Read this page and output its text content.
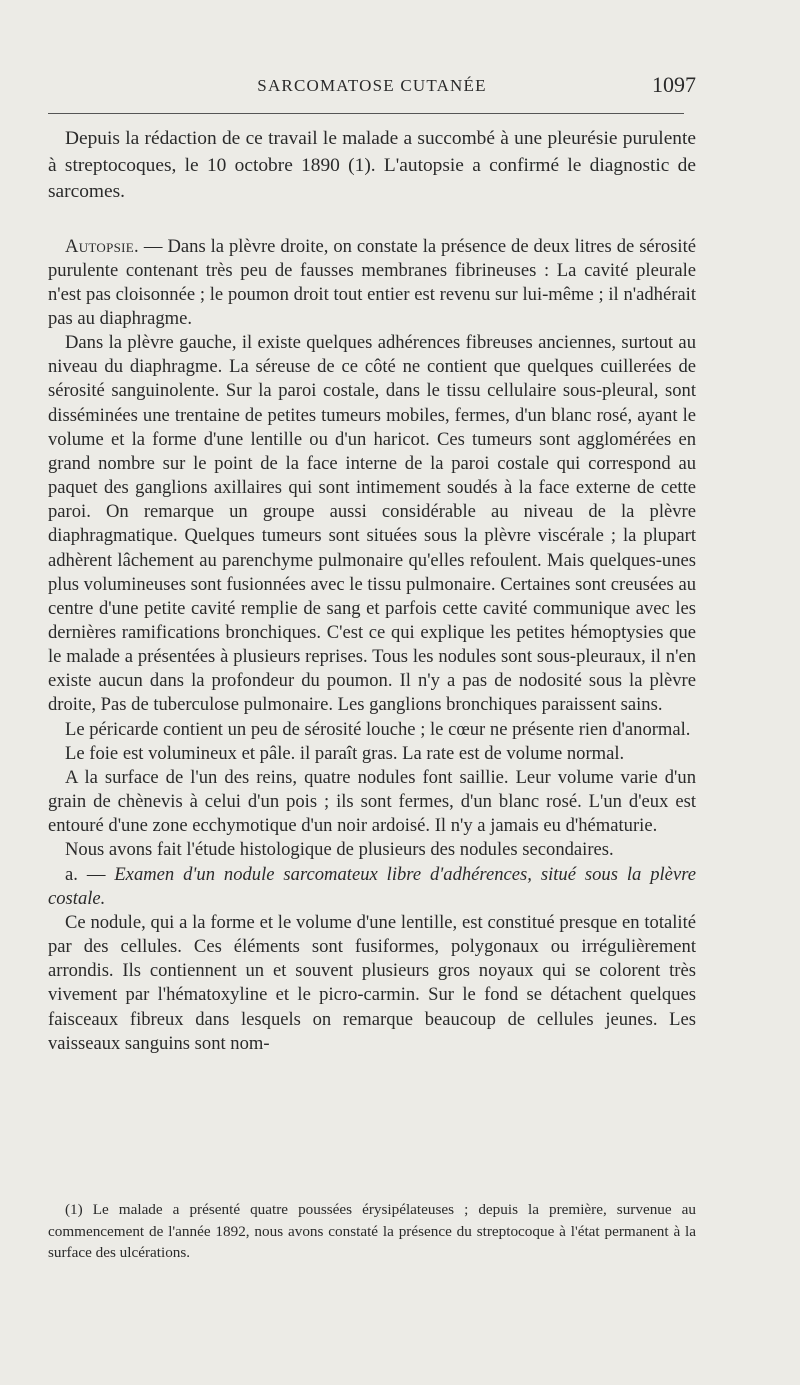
SARCOMATOSE CUTANÉE	1097

Depuis la rédaction de ce travail le malade a succombé à une pleurésie purulente à streptocoques, le 10 octobre 1890 (1). L'autopsie a confirmé le diagnostic de sarcomes.

Autopsie. — Dans la plèvre droite, on constate la présence de deux litres de sérosité purulente contenant très peu de fausses membranes fibrineuses : La cavité pleurale n'est pas cloisonnée ; le poumon droit tout entier est revenu sur lui-même ; il n'adhérait pas au diaphragme.

Dans la plèvre gauche, il existe quelques adhérences fibreuses anciennes, surtout au niveau du diaphragme. La séreuse de ce côté ne contient que quelques cuillerées de sérosité sanguinolente. Sur la paroi costale, dans le tissu cellulaire sous-pleural, sont disséminées une trentaine de petites tumeurs mobiles, fermes, d'un blanc rosé, ayant le volume et la forme d'une lentille ou d'un haricot. Ces tumeurs sont agglomérées en grand nombre sur le point de la face interne de la paroi costale qui correspond au paquet des ganglions axillaires qui sont intimement soudés à la face externe de cette paroi. On remarque un groupe aussi considérable au niveau de la plèvre diaphragmatique. Quelques tumeurs sont situées sous la plèvre viscérale ; la plupart adhèrent lâchement au parenchyme pulmonaire qu'elles refoulent. Mais quelques-unes plus volumineuses sont fusionnées avec le tissu pulmonaire. Certaines sont creusées au centre d'une petite cavité remplie de sang et parfois cette cavité communique avec les dernières ramifications bronchiques. C'est ce qui explique les petites hémoptysies que le malade a présentées à plusieurs reprises. Tous les nodules sont sous-pleuraux, il n'en existe aucun dans la profondeur du poumon. Il n'y a pas de nodosité sous la plèvre droite, Pas de tuberculose pulmonaire. Les ganglions bronchiques paraissent sains.

Le péricarde contient un peu de sérosité louche ; le cœur ne présente rien d'anormal.

Le foie est volumineux et pâle. il paraît gras. La rate est de volume normal.

A la surface de l'un des reins, quatre nodules font saillie. Leur volume varie d'un grain de chènevis à celui d'un pois ; ils sont fermes, d'un blanc rosé. L'un d'eux est entouré d'une zone ecchymotique d'un noir ardoisé. Il n'y a jamais eu d'hématurie.

Nous avons fait l'étude histologique de plusieurs des nodules secondaires.

a. — Examen d'un nodule sarcomateux libre d'adhérences, situé sous la plèvre costale.

Ce nodule, qui a la forme et le volume d'une lentille, est constitué presque en totalité par des cellules. Ces éléments sont fusiformes, polygonaux ou irrégulièrement arrondis. Ils contiennent un et souvent plusieurs gros noyaux qui se colorent très vivement par l'hématoxyline et le picro-carmin. Sur le fond se détachent quelques faisceaux fibreux dans lesquels on remarque beaucoup de cellules jeunes. Les vaisseaux sanguins sont nom-

(1) Le malade a présenté quatre poussées érysipélateuses ; depuis la première, survenue au commencement de l'année 1892, nous avons constaté la présence du streptocoque à l'état permanent à la surface des ulcérations.
